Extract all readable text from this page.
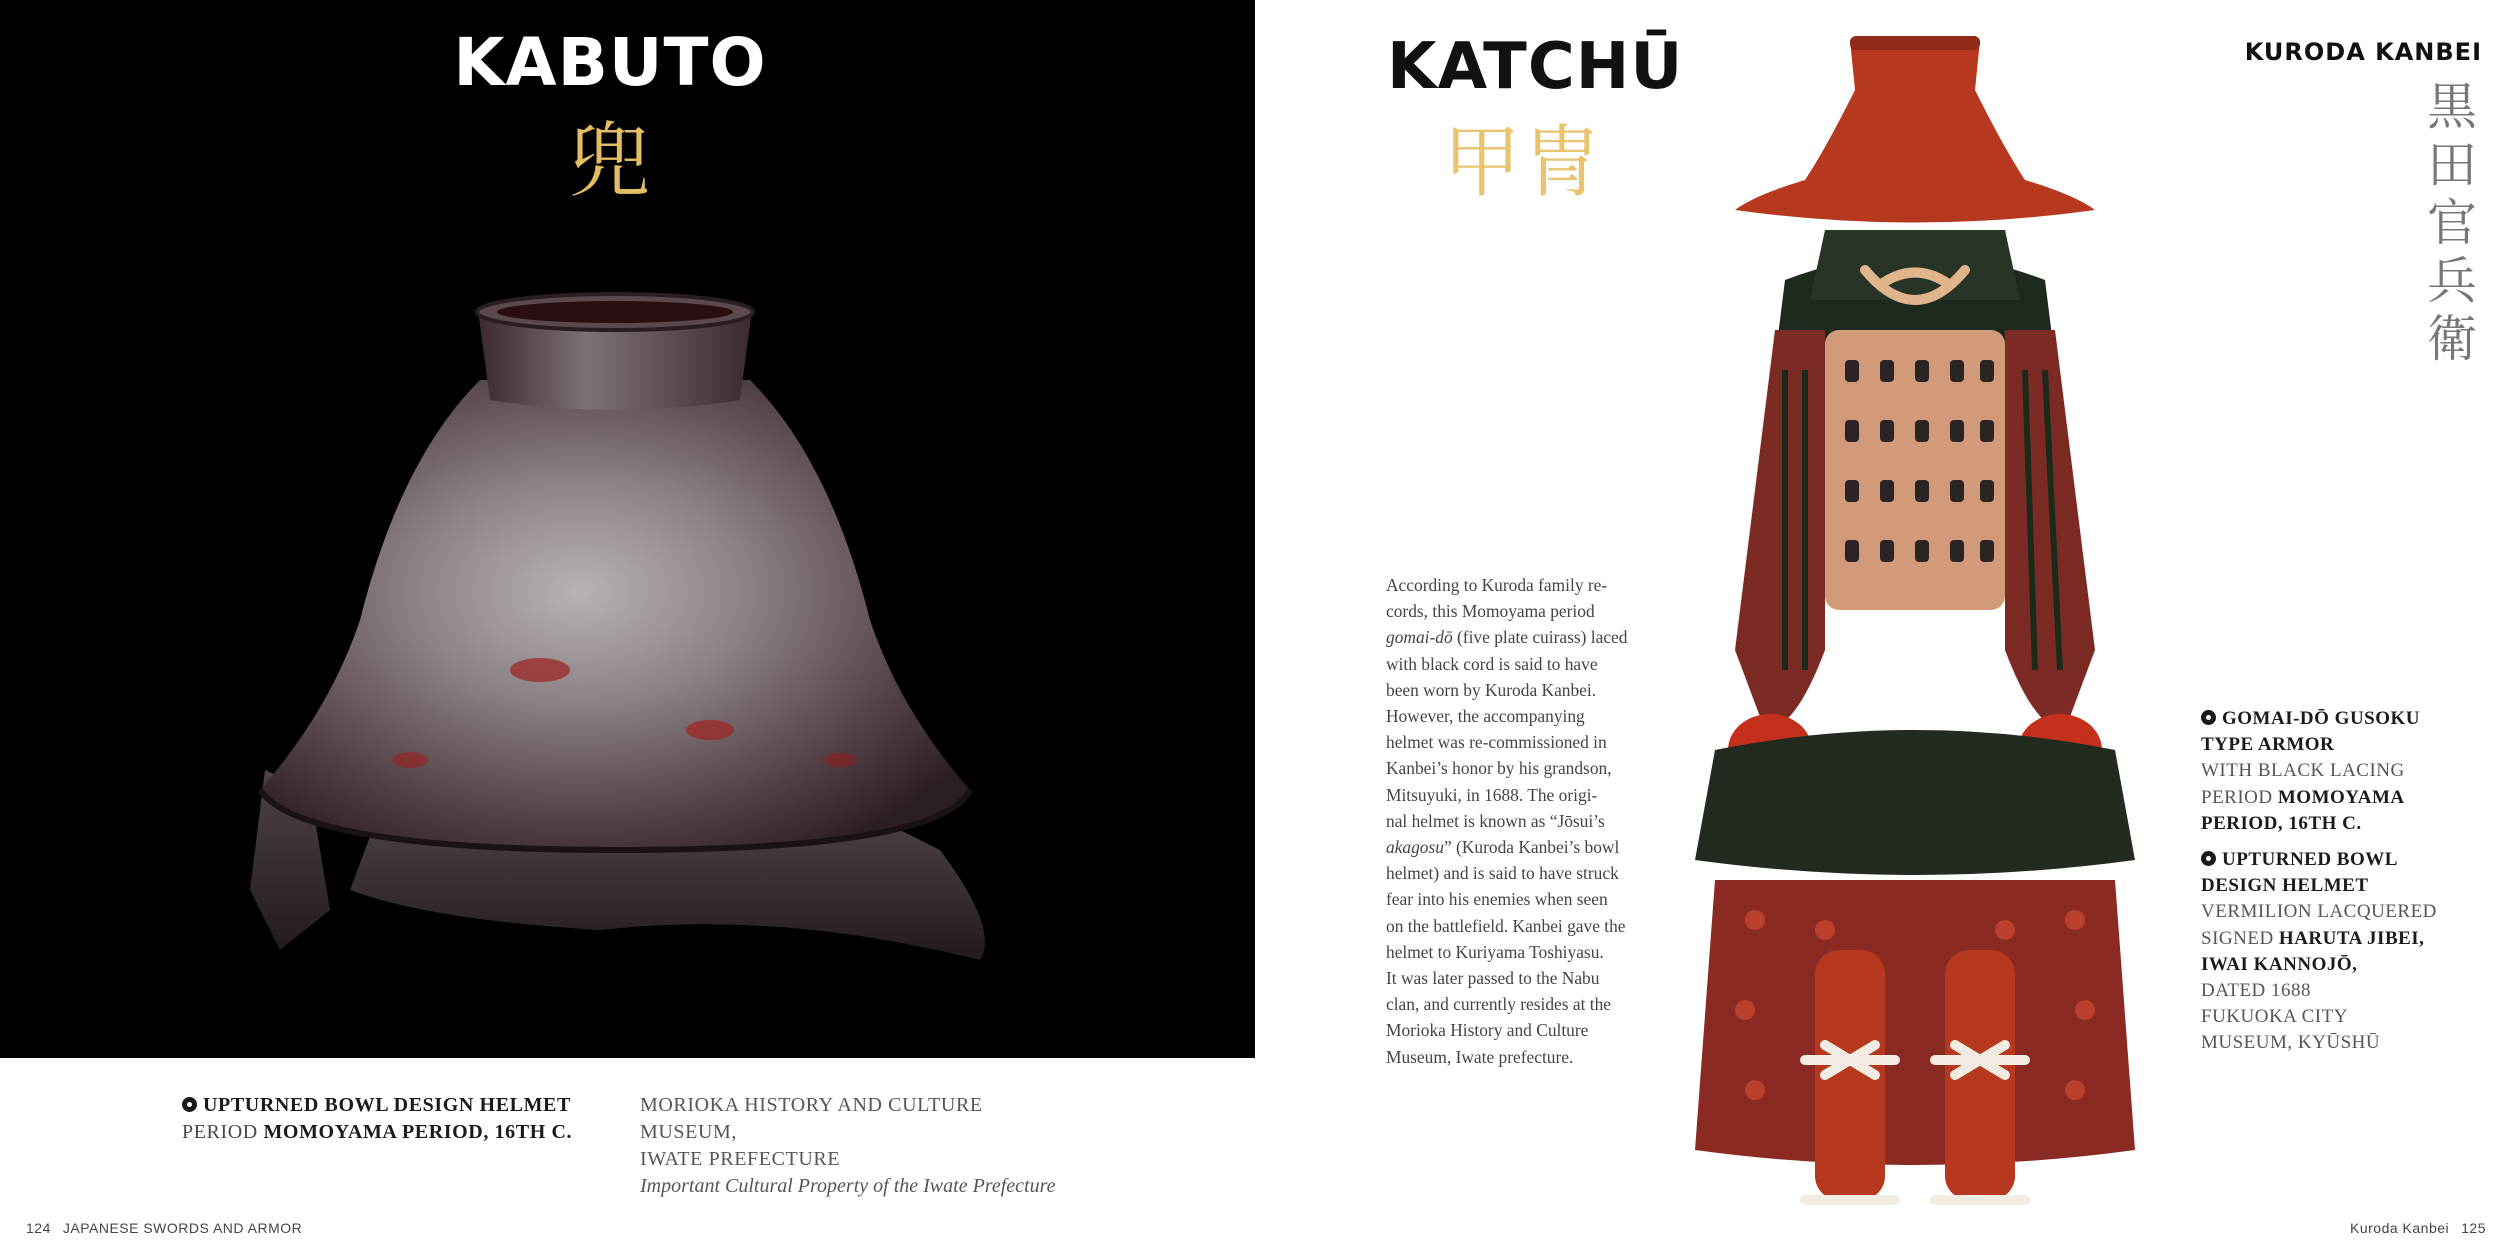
KABUTO
兜
UPTURNED BOWL DESIGN HELMET
PERIOD MOMOYAMA PERIOD, 16TH C.
MORIOKA HISTORY AND CULTURE MUSEUM,
IWATE PREFECTURE
Important Cultural Property of the Iwate Prefecture
124 JAPANESE SWORDS AND ARMOR
KATCHŪ
甲冑
KURODA KANBEI
黒田官兵衛
According to Kuroda family re-
cords, this Momoyama period
gomai-dō (five plate cuirass) laced
with black cord is said to have
been worn by Kuroda Kanbei.
However, the accompanying
helmet was re-commissioned in
Kanbei’s honor by his grandson,
Mitsuyuki, in 1688. The origi-
nal helmet is known as “Jōsui’s
akagosu” (Kuroda Kanbei’s bowl
helmet) and is said to have struck
fear into his enemies when seen
on the battlefield. Kanbei gave the
helmet to Kuriyama Toshiyasu.
It was later passed to the Nabu
clan, and currently resides at the
Morioka History and Culture
Museum, Iwate prefecture.
GOMAI-DŌ GUSOKU
TYPE ARMOR
WITH BLACK LACING
PERIOD MOMOYAMA
PERIOD, 16TH C.
UPTURNED BOWL
DESIGN HELMET
VERMILION LACQUERED
SIGNED HARUTA JIBEI,
IWAI KANNOJŌ,
DATED 1688
FUKUOKA CITY
MUSEUM, KYŪSHŪ
Kuroda Kanbei 125
